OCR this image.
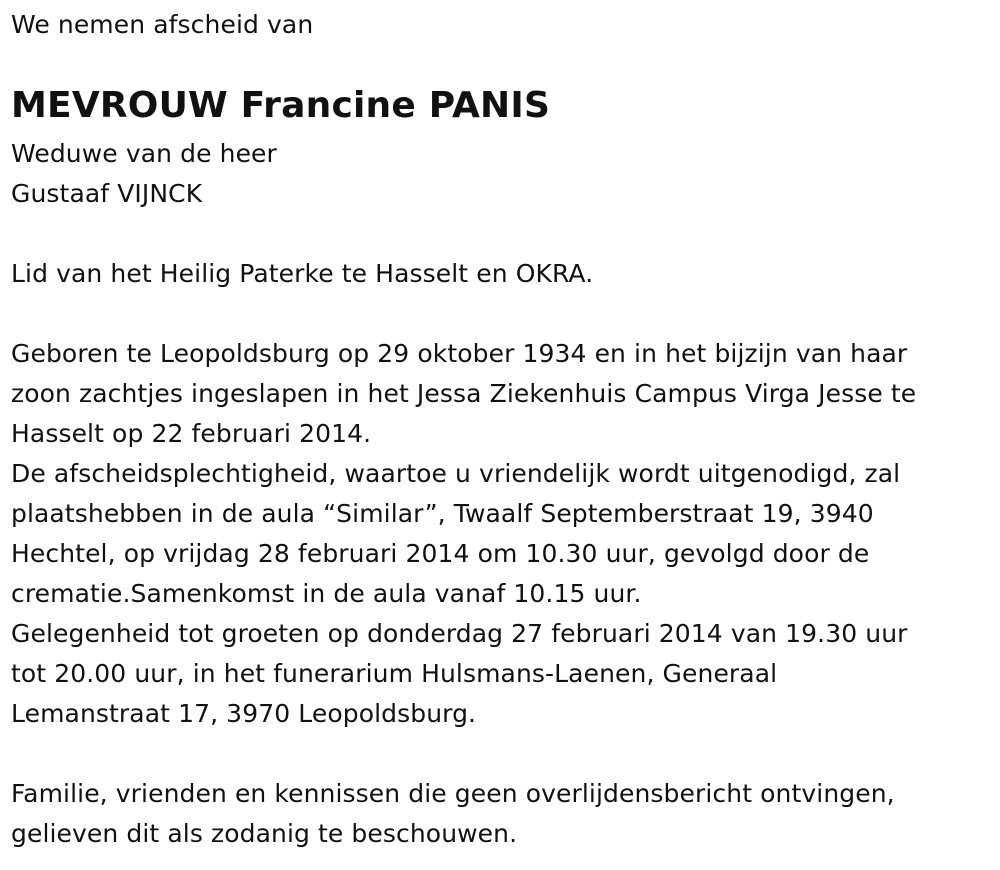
We nemen afscheid van
MEVROUW Francine PANIS
Weduwe van de heer
Gustaaf VIJNCK
Lid van het Heilig Paterke te Hasselt en OKRA.
Geboren te Leopoldsburg op 29 oktober 1934 en in het bijzijn van haar
zoon zachtjes ingeslapen in het Jessa Ziekenhuis Campus Virga Jesse te
Hasselt op 22 februari 2014.
De afscheidsplechtigheid, waartoe u vriendelijk wordt uitgenodigd, zal
plaatshebben in de aula “Similar”, Twaalf Septemberstraat 19, 3940
Hechtel, op vrijdag 28 februari 2014 om 10.30 uur, gevolgd door de
crematie.Samenkomst in de aula vanaf 10.15 uur.
Gelegenheid tot groeten op donderdag 27 februari 2014 van 19.30 uur
tot 20.00 uur, in het funerarium Hulsmans-Laenen, Generaal
Lemanstraat 17, 3970 Leopoldsburg.
Familie, vrienden en kennissen die geen overlijdensbericht ontvingen,
gelieven dit als zodanig te beschouwen.
